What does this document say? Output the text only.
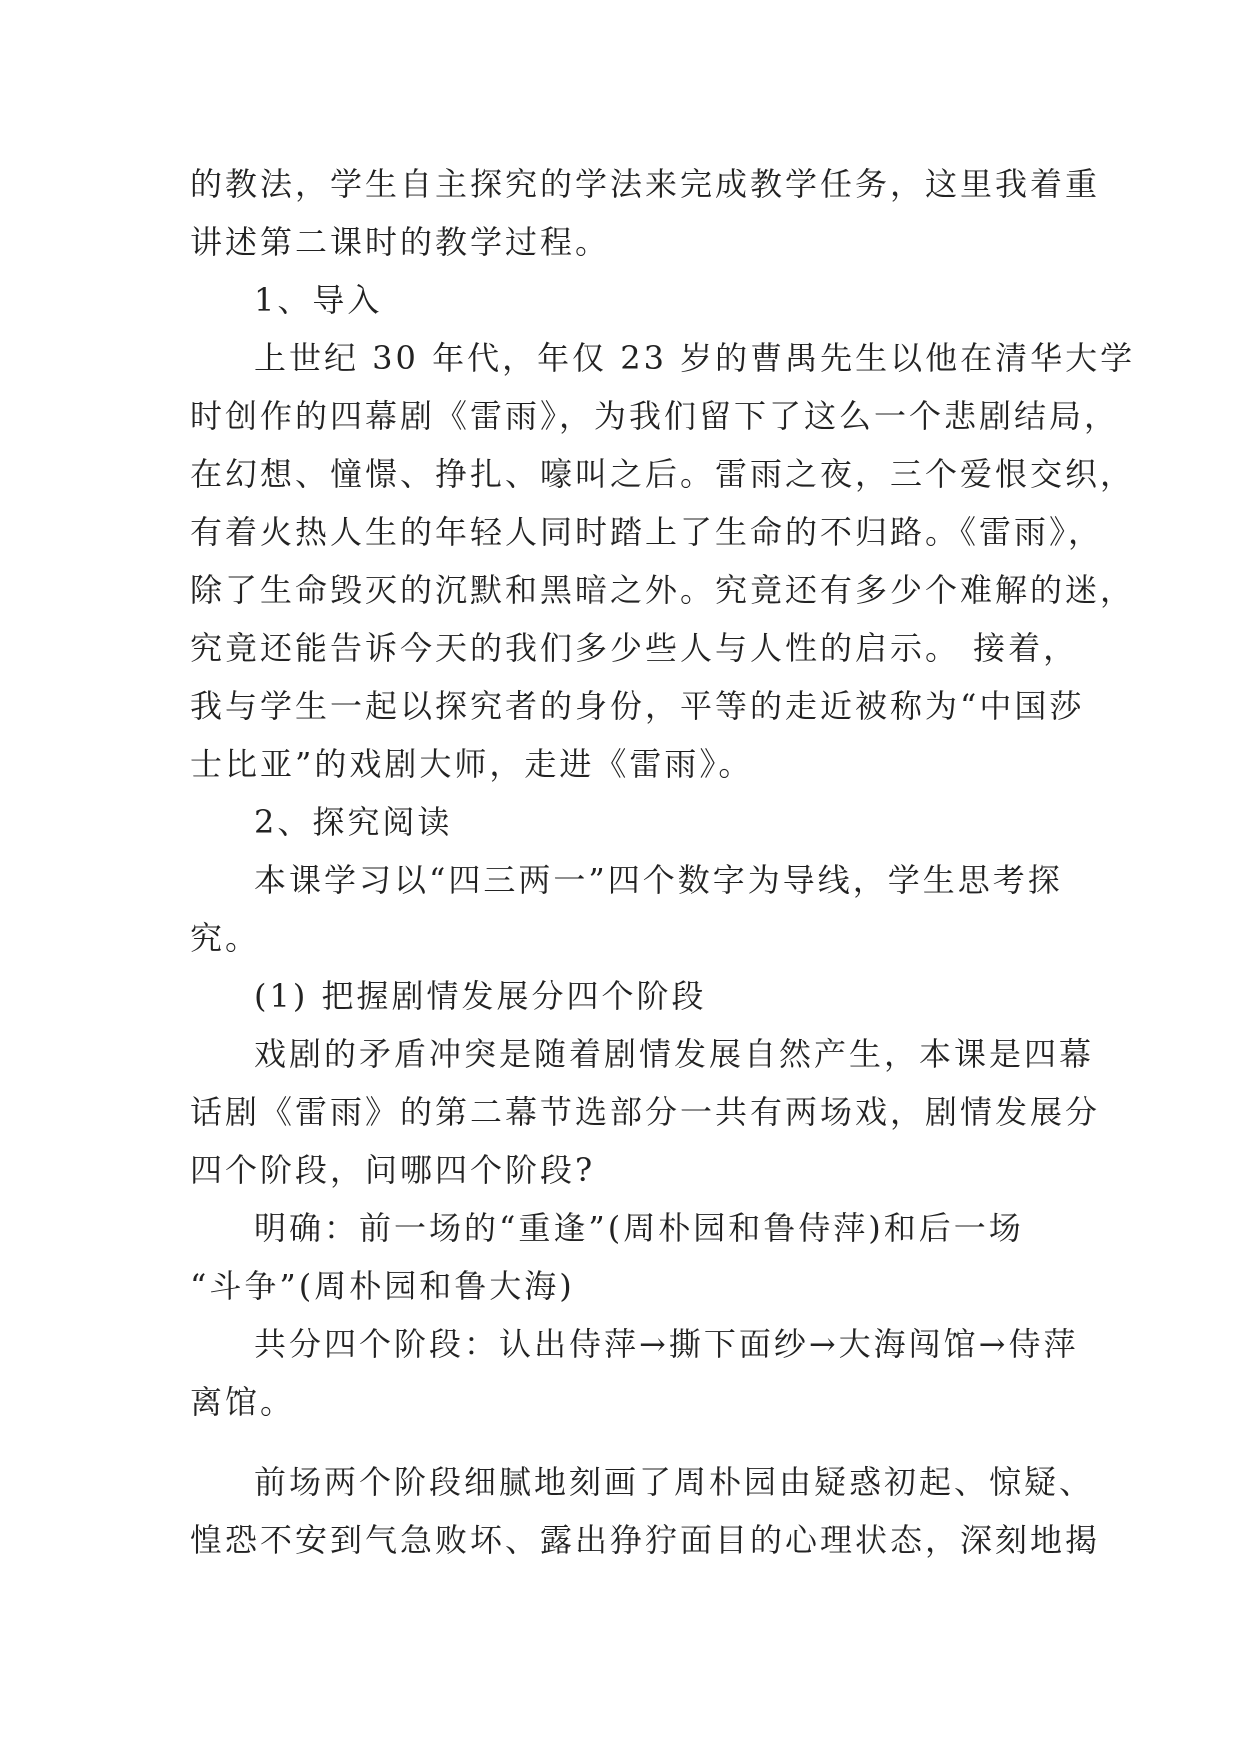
的教法，学生自主探究的学法来完成教学任务，这里我着重
讲述第二课时的教学过程。
1、导入
上世纪 30 年代，年仅 23 岁的曹禺先生以他在清华大学
时创作的四幕剧《雷雨》，为我们留下了这么一个悲剧结局，
在幻想、憧憬、挣扎、嚎叫之后。雷雨之夜，三个爱恨交织，
有着火热人生的年轻人同时踏上了生命的不归路。《雷雨》，
除了生命毁灭的沉默和黑暗之外。究竟还有多少个难解的迷，
究竟还能告诉今天的我们多少些人与人性的启示。 接着，
我与学生一起以探究者的身份，平等的走近被称为“中国莎
士比亚”的戏剧大师，走进《雷雨》。
2、探究阅读
本课学习以“四三两一”四个数字为导线，学生思考探
究。
(1) 把握剧情发展分四个阶段
戏剧的矛盾冲突是随着剧情发展自然产生，本课是四幕
话剧《雷雨》的第二幕节选部分一共有两场戏，剧情发展分
四个阶段，问哪四个阶段?
明确：前一场的“重逢”(周朴园和鲁侍萍)和后一场
“斗争”(周朴园和鲁大海)
共分四个阶段：认出侍萍→撕下面纱→大海闯馆→侍萍
离馆。
前场两个阶段细腻地刻画了周朴园由疑惑初起、惊疑、
惶恐不安到气急败坏、露出狰狞面目的心理状态，深刻地揭
